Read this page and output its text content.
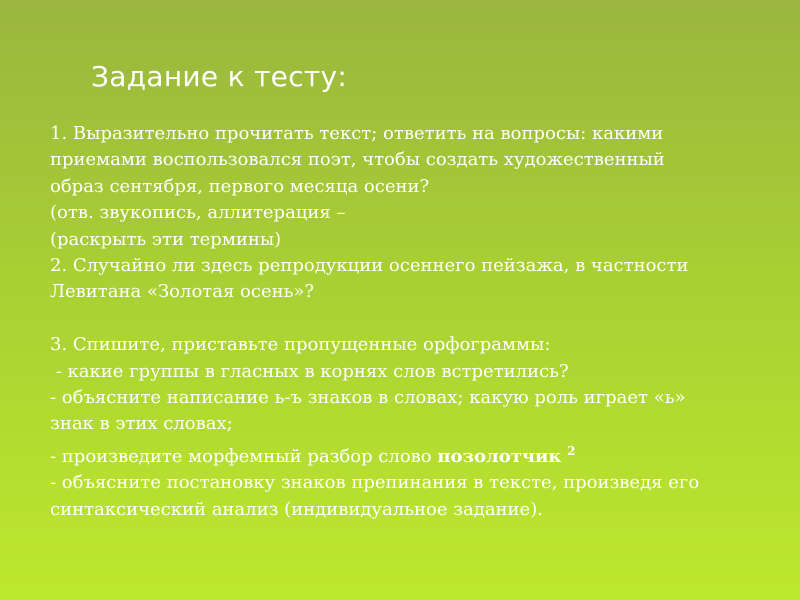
Задание к тесту:
1. Выразительно прочитать текст; ответить на вопросы: какими
приемами воспользовался поэт, чтобы создать художественный
образ сентября, первого месяца осени?
(отв. звукопись, аллитерация –
(раскрыть эти термины)
2. Случайно ли здесь репродукции осеннего пейзажа, в частности
Левитана «Золотая осень»?
3. Спишите, приставьте пропущенные орфограммы:
- какие группы в гласных в корнях слов встретились?
- объясните написание ь-ъ знаков в словах; какую роль играет «ь»
знак в этих словах;
- произведите морфемный разбор слово позолотчик $^2$
- объясните постановку знаков препинания в тексте, произведя его
синтаксический анализ (индивидуальное задание).
